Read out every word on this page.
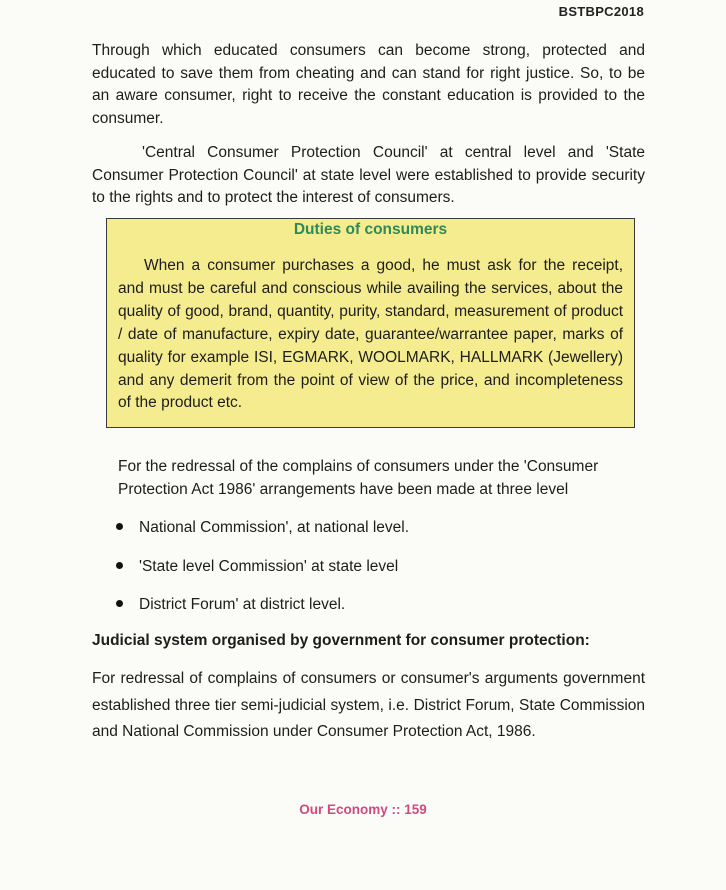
BSTBPC2018

Through which educated consumers can become strong, protected and educated to save them from cheating and can stand for right justice. So, to be an aware consumer, right to receive the constant education is provided to the consumer.

'Central Consumer Protection Council' at central level and 'State Consumer Protection Council' at state level were established to provide security to the rights and to protect the interest of consumers.

Duties of consumers

When a consumer purchases a good, he must ask for the receipt, and must be careful and conscious while availing the services, about the quality of good, brand, quantity, purity, standard, measurement of product / date of manufacture, expiry date, guarantee/warrantee paper, marks of quality for example ISI, EGMARK, WOOLMARK, HALLMARK (Jewellery) and any demerit from the point of view of the price, and incompleteness of the product etc.

For the redressal of the complains of consumers under the 'Consumer Protection Act 1986' arrangements have been made at three level

National Commission', at national level.
'State level Commission' at state level
District Forum' at district level.
Judicial system organised by government for consumer protection:

For redressal of complains of consumers or consumer's arguments government established three tier semi-judicial system, i.e. District Forum, State Commission and National Commission under Consumer Protection Act, 1986.

Our Economy :: 159
